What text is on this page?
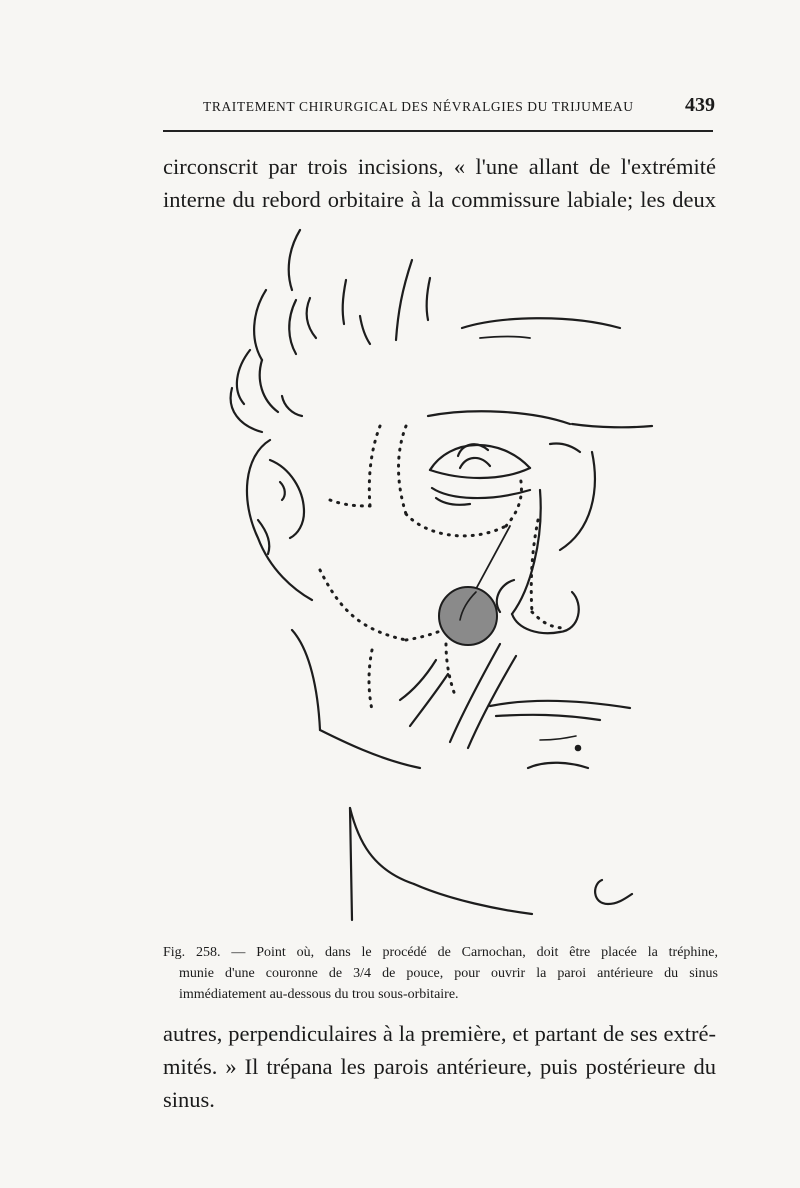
TRAITEMENT CHIRURGICAL DES NÉVRALGIES DU TRIJUMEAU	439

circonscrit par trois incisions, « l'une allant de l'extrémité
interne du rebord orbitaire à la commissure labiale; les deux

Fig. 258. — Point où, dans le procédé de Carnochan, doit être placée la tréphine,
munie d'une couronne de 3/4 de pouce, pour ouvrir la paroi antérieure du sinus
immédiatement au-dessous du trou sous-orbitaire.

autres, perpendiculaires à la première, et partant de ses extré-
mités. » Il trépana les parois antérieure, puis postérieure du
sinus.
